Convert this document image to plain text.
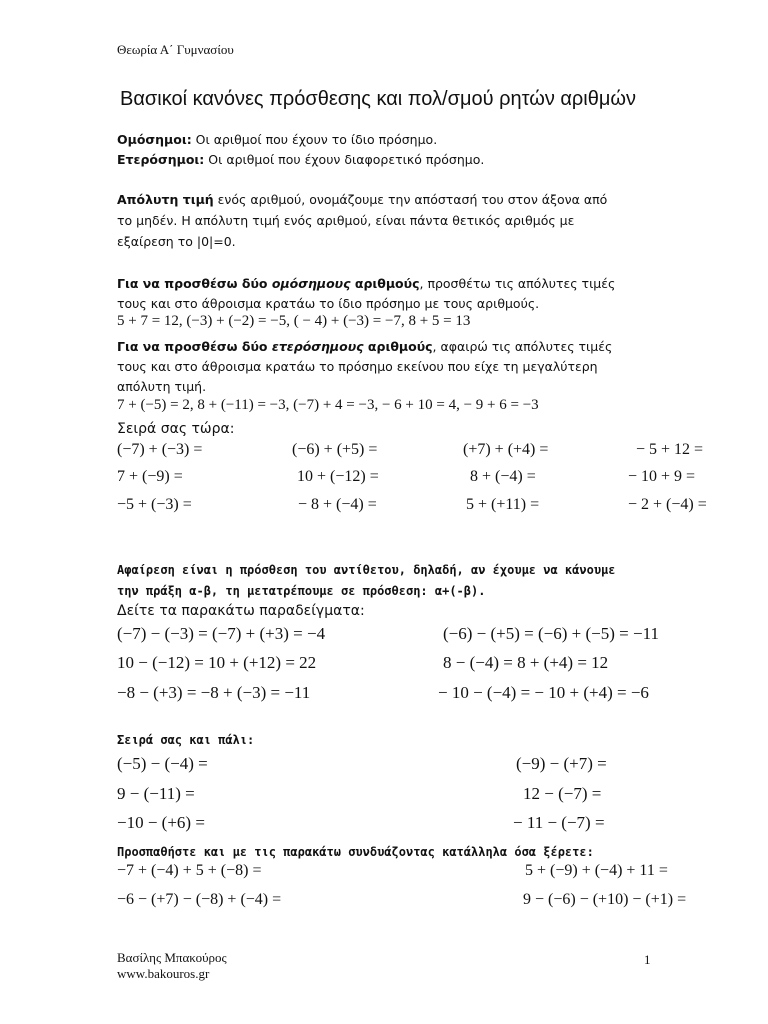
Θεωρία Α΄ Γυμνασίου
Βασικοί κανόνες πρόσθεσης και πολ/σμού ρητών αριθμών
Ομόσημοι: Οι αριθμοί που έχουν το ίδιο πρόσημο.
Ετερόσημοι: Οι αριθμοί που έχουν διαφορετικό πρόσημο.
Απόλυτη τιμή ενός αριθμού, ονομάζουμε την απόστασή του στον άξονα από
το μηδέν. Η απόλυτη τιμή ενός αριθμού, είναι πάντα θετικός αριθμός με
εξαίρεση το |0|=0.
Για να προσθέσω δύο ομόσημους αριθμούς, προσθέτω τις απόλυτες τιμές
τους και στο άθροισμα κρατάω το ίδιο πρόσημο με τους αριθμούς.
5 + 7 = 12, (−3) + (−2) = −5, ( − 4) + (−3) = −7, 8 + 5 = 13
Για να προσθέσω δύο ετερόσημους αριθμούς, αφαιρώ τις απόλυτες τιμές
τους και στο άθροισμα κρατάω το πρόσημο εκείνου που είχε τη μεγαλύτερη
απόλυτη τιμή.
7 + (−5) = 2, 8 + (−11) = −3, (−7) + 4 = −3, − 6 + 10 = 4, − 9 + 6 = −3
Σειρά σας τώρα:
(−7) + (−3) =	(−6) + (+5) =	(+7) + (+4) =	− 5 + 12 =
7 + (−9) =	10 + (−12) =	8 + (−4) =	− 10 + 9 =
−5 + (−3) =	− 8 + (−4) =	5 + (+11) =	− 2 + (−4) =
Αφαίρεση είναι η πρόσθεση του αντίθετου, δηλαδή, αν έχουμε να κάνουμε
την πράξη α-β, τη μετατρέπουμε σε πρόσθεση: α+(-β).
Δείτε τα παρακάτω παραδείγματα:
(−7) − (−3) = (−7) + (+3) = −4	(−6) − (+5) = (−6) + (−5) = −11
10 − (−12) = 10 + (+12) = 22	8 − (−4) = 8 + (+4) = 12
−8 − (+3) = −8 + (−3) = −11	− 10 − (−4) = − 10 + (+4) = −6
Σειρά σας και πάλι:
(−5) − (−4) =	(−9) − (+7) =
9 − (−11) =	12 − (−7) =
−10 − (+6) =	− 11 − (−7) =
Προσπαθήστε και με τις παρακάτω συνδυάζοντας κατάλληλα όσα ξέρετε:
−7 + (−4) + 5 + (−8) =	5 + (−9) + (−4) + 11 =
−6 − (+7) − (−8) + (−4) =	9 − (−6) − (+10) − (+1) =
Βασίλης Μπακούρος
www.bakouros.gr
1
